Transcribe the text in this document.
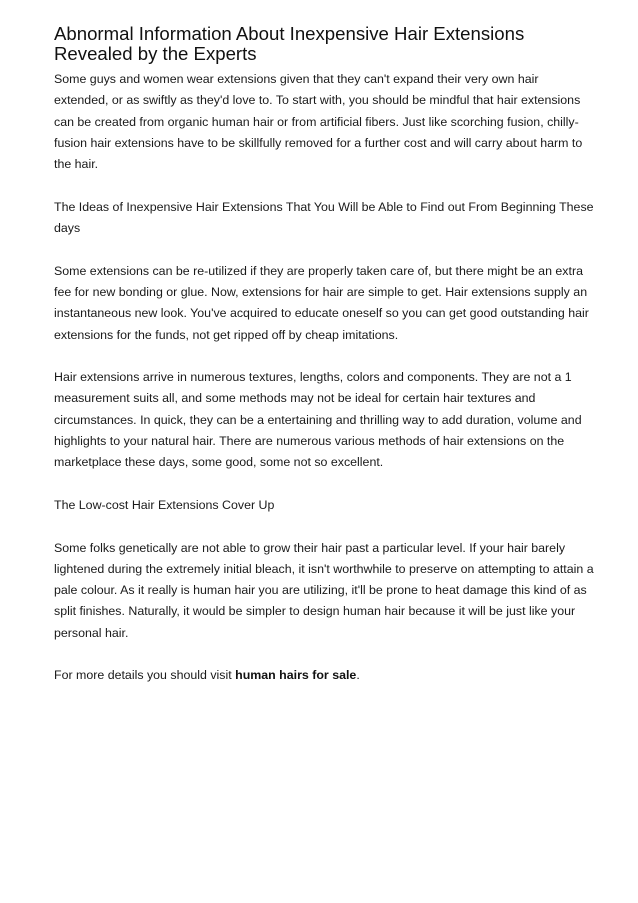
Abnormal Information About Inexpensive Hair Extensions Revealed by the Experts

Some guys and women wear extensions given that they can't expand their very own hair extended, or as swiftly as they'd love to. To start with, you should be mindful that hair extensions can be created from organic human hair or from artificial fibers. Just like scorching fusion, chilly-fusion hair extensions have to be skillfully removed for a further cost and will carry about harm to the hair.

The Ideas of Inexpensive Hair Extensions That You Will be Able to Find out From Beginning These days

Some extensions can be re-utilized if they are properly taken care of, but there might be an extra fee for new bonding or glue. Now, extensions for hair are simple to get. Hair extensions supply an instantaneous new look. You've acquired to educate oneself so you can get good outstanding hair extensions for the funds, not get ripped off by cheap imitations.

Hair extensions arrive in numerous textures, lengths, colors and components. They are not a 1 measurement suits all, and some methods may not be ideal for certain hair textures and circumstances. In quick, they can be a entertaining and thrilling way to add duration, volume and highlights to your natural hair. There are numerous various methods of hair extensions on the marketplace these days, some good, some not so excellent.

The Low-cost Hair Extensions Cover Up

Some folks genetically are not able to grow their hair past a particular level. If your hair barely lightened during the extremely initial bleach, it isn't worthwhile to preserve on attempting to attain a pale colour. As it really is human hair you are utilizing, it'll be prone to heat damage this kind of as split finishes. Naturally, it would be simpler to design human hair because it will be just like your personal hair.

For more details you should visit human hairs for sale.
